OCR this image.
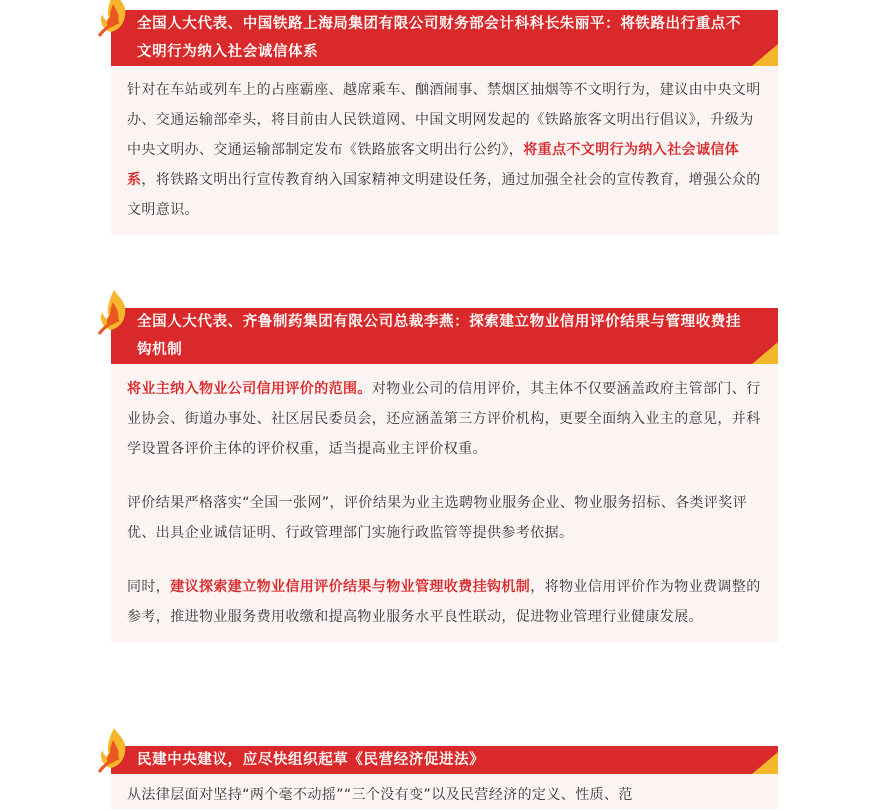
全国人大代表、中国铁路上海局集团有限公司财务部会计科科长朱丽平：将铁路出行重点不文明行为纳入社会诚信体系

针对在车站或列车上的占座霸座、越席乘车、酗酒闹事、禁烟区抽烟等不文明行为，建议由中央文明办、交通运输部牵头，将目前由人民铁道网、中国文明网发起的《铁路旅客文明出行倡议》，升级为中央文明办、交通运输部制定发布《铁路旅客文明出行公约》，将重点不文明行为纳入社会诚信体系，将铁路文明出行宣传教育纳入国家精神文明建设任务，通过加强全社会的宣传教育，增强公众的文明意识。

全国人大代表、齐鲁制药集团有限公司总裁李燕：探索建立物业信用评价结果与管理收费挂钩机制

将业主纳入物业公司信用评价的范围。对物业公司的信用评价，其主体不仅要涵盖政府主管部门、行业协会、街道办事处、社区居民委员会，还应涵盖第三方评价机构，更要全面纳入业主的意见，并科学设置各评价主体的评价权重，适当提高业主评价权重。

评价结果严格落实“全国一张网”，评价结果为业主选聘物业服务企业、物业服务招标、各类评奖评优、出具企业诚信证明、行政管理部门实施行政监管等提供参考依据。

同时，建议探索建立物业信用评价结果与物业管理收费挂钩机制，将物业信用评价作为物业费调整的参考，推进物业服务费用收缴和提高物业服务水平良性联动，促进物业管理行业健康发展。

民建中央建议，应尽快组织起草《民营经济促进法》

从法律层面对坚持“两个毫不动摇”“三个没有变”以及民营经济的定义、性质、范
